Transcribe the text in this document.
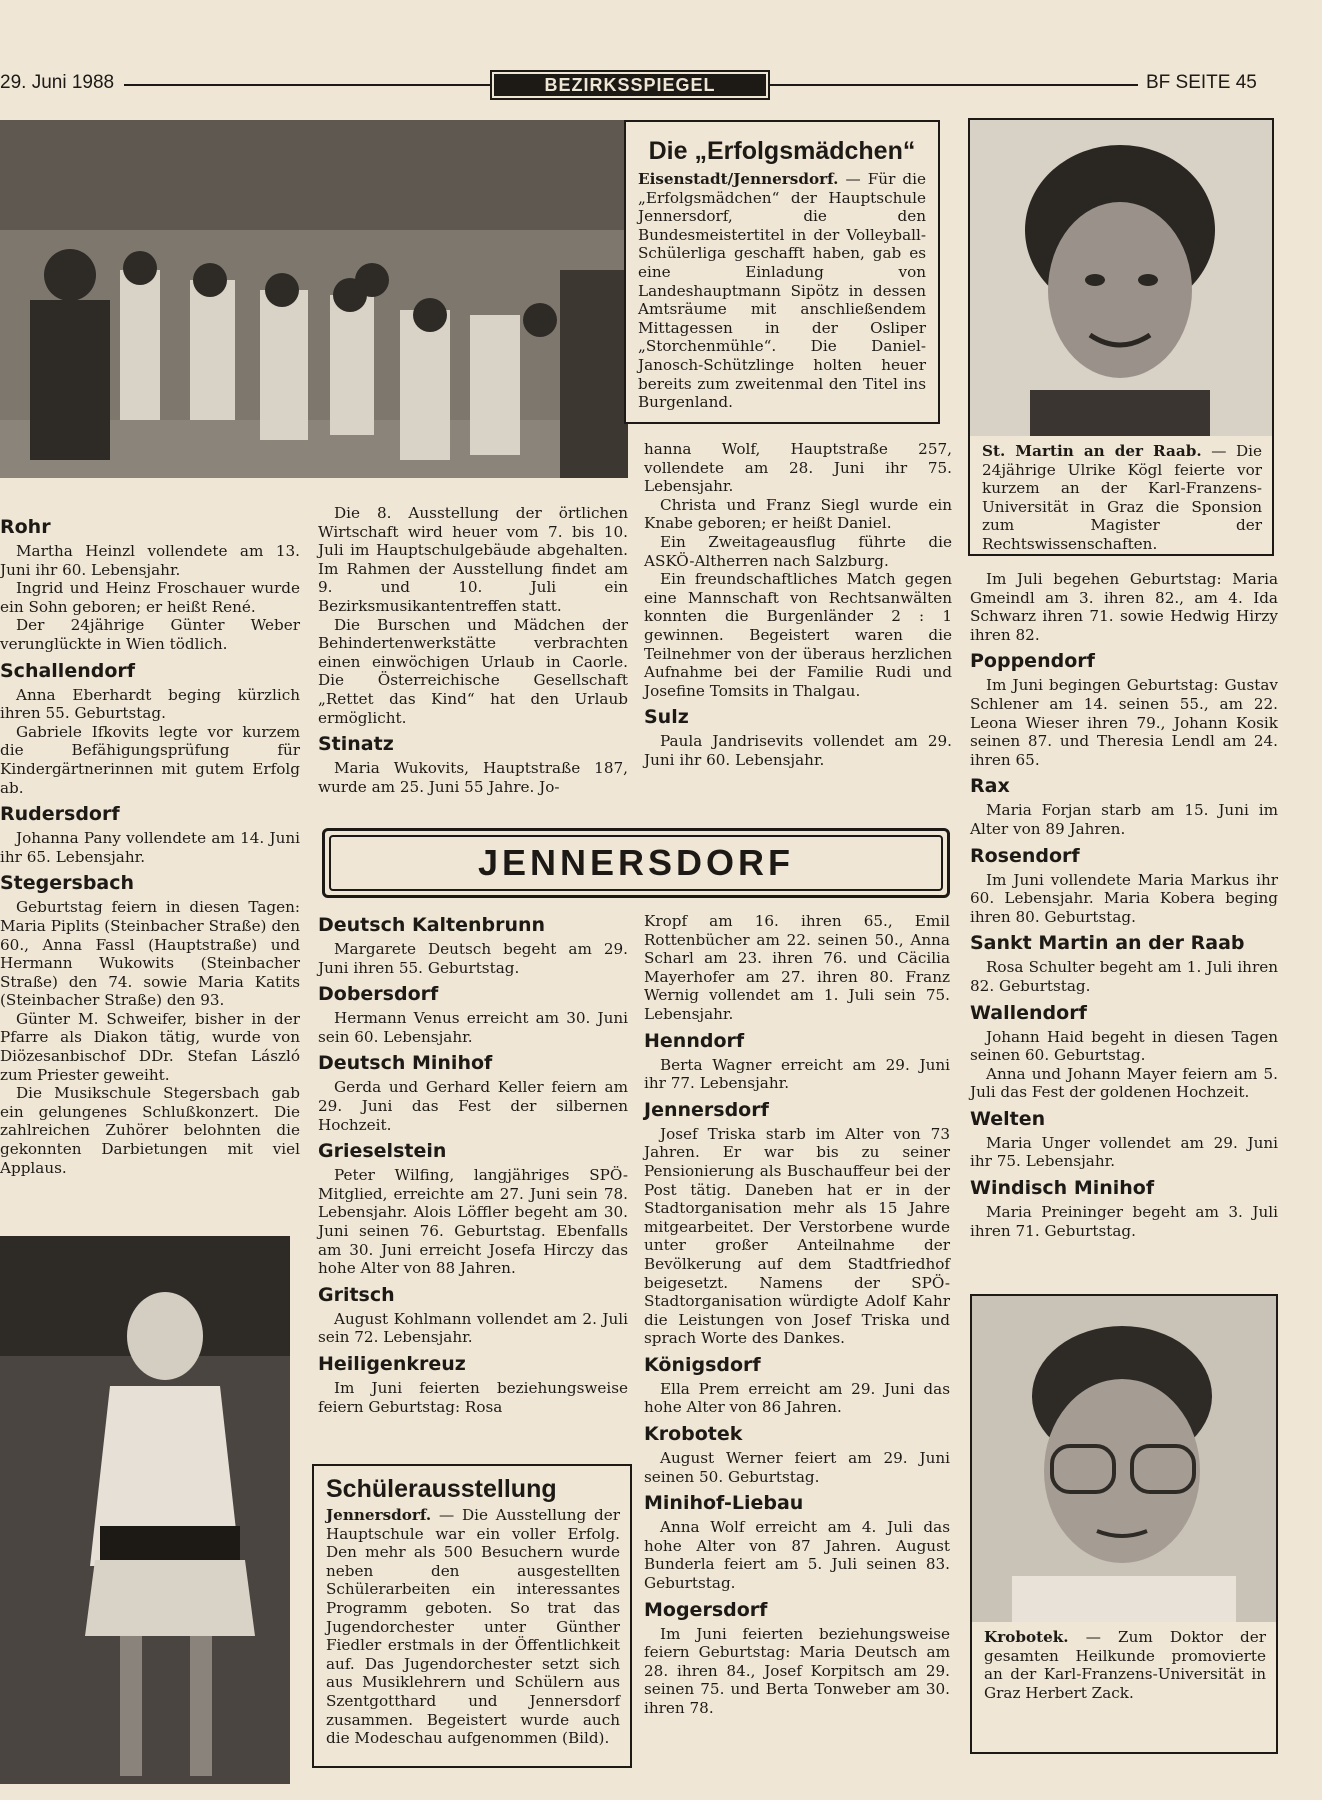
29. Juni 1988	BEZIRKSSPIEGEL	BF SEITE 45
Die „Erfolgsmädchen“
Eisenstadt/Jennersdorf. — Für die „Erfolgsmädchen“ der Hauptschule Jennersdorf, die den Bundesmeistertitel in der Volleyball-Schülerliga geschafft haben, gab es eine Einladung von Landeshauptmann Sipötz in dessen Amtsräume mit anschließendem Mittagessen in der Osliper „Storchenmühle“. Die Daniel-Janosch-Schützlinge holten heuer bereits zum zweitenmal den Titel ins Burgenland.
St. Martin an der Raab. — Die 24jährige Ulrike Kögl feierte vor kurzem an der Karl-Franzens-Universität in Graz die Sponsion zum Magister der Rechtswissenschaften.
Rohr

Martha Heinzl vollendete am 13. Juni ihr 60. Lebensjahr.

Ingrid und Heinz Froschauer wurde ein Sohn geboren; er heißt René.

Der 24jährige Günter Weber verunglückte in Wien tödlich.

Schallendorf

Anna Eberhardt beging kürzlich ihren 55. Geburtstag.

Gabriele Ifkovits legte vor kurzem die Befähigungsprüfung für Kindergärtnerinnen mit gutem Erfolg ab.

Rudersdorf

Johanna Pany vollendete am 14. Juni ihr 65. Lebensjahr.

Stegersbach

Geburtstag feiern in diesen Tagen: Maria Piplits (Steinbacher Straße) den 60., Anna Fassl (Hauptstraße) und Hermann Wukowits (Steinbacher Straße) den 74. sowie Maria Katits (Steinbacher Straße) den 93.

Günter M. Schweifer, bisher in der Pfarre als Diakon tätig, wurde von Diözesanbischof DDr. Stefan László zum Priester geweiht.

Die Musikschule Stegersbach gab ein gelungenes Schlußkonzert. Die zahlreichen Zuhörer belohnten die gekonnten Darbietungen mit viel Applaus.

Die 8. Ausstellung der örtlichen Wirtschaft wird heuer vom 7. bis 10. Juli im Hauptschulgebäude abgehalten. Im Rahmen der Ausstellung findet am 9. und 10. Juli ein Bezirksmusikantentreffen statt.

Die Burschen und Mädchen der Behindertenwerkstätte verbrachten einen einwöchigen Urlaub in Caorle. Die Österreichische Gesellschaft „Rettet das Kind“ hat den Urlaub ermöglicht.

Stinatz

Maria Wukovits, Hauptstraße 187, wurde am 25. Juni 55 Jahre. Jo-

hanna Wolf, Hauptstraße 257, vollendete am 28. Juni ihr 75. Lebensjahr.

Christa und Franz Siegl wurde ein Knabe geboren; er heißt Daniel.

Ein Zweitageausflug führte die ASKÖ-Altherren nach Salzburg.

Ein freundschaftliches Match gegen eine Mannschaft von Rechtsanwälten konnten die Burgenländer 2 : 1 gewinnen. Begeistert waren die Teilnehmer von der überaus herzlichen Aufnahme bei der Familie Rudi und Josefine Tomsits in Thalgau.

Sulz

Paula Jandrisevits vollendet am 29. Juni ihr 60. Lebensjahr.

Im Juli begehen Geburtstag: Maria Gmeindl am 3. ihren 82., am 4. Ida Schwarz ihren 71. sowie Hedwig Hirzy ihren 82.

Poppendorf

Im Juni begingen Geburtstag: Gustav Schlener am 14. seinen 55., am 22. Leona Wieser ihren 79., Johann Kosik seinen 87. und Theresia Lendl am 24. ihren 65.

Rax

Maria Forjan starb am 15. Juni im Alter von 89 Jahren.

Rosendorf

Im Juni vollendete Maria Markus ihr 60. Lebensjahr. Maria Kobera beging ihren 80. Geburtstag.

Sankt Martin an der Raab

Rosa Schulter begeht am 1. Juli ihren 82. Geburtstag.

Wallendorf

Johann Haid begeht in diesen Tagen seinen 60. Geburtstag.

Anna und Johann Mayer feiern am 5. Juli das Fest der goldenen Hochzeit.

Welten

Maria Unger vollendet am 29. Juni ihr 75. Lebensjahr.

Windisch Minihof

Maria Preininger begeht am 3. Juli ihren 71. Geburtstag.

JENNERSDORF
Deutsch Kaltenbrunn

Margarete Deutsch begeht am 29. Juni ihren 55. Geburtstag.

Dobersdorf

Hermann Venus erreicht am 30. Juni sein 60. Lebensjahr.

Deutsch Minihof

Gerda und Gerhard Keller feiern am 29. Juni das Fest der silbernen Hochzeit.

Grieselstein

Peter Wilfing, langjähriges SPÖ-Mitglied, erreichte am 27. Juni sein 78. Lebensjahr. Alois Löffler begeht am 30. Juni seinen 76. Geburtstag. Ebenfalls am 30. Juni erreicht Josefa Hirczy das hohe Alter von 88 Jahren.

Gritsch

August Kohlmann vollendet am 2. Juli sein 72. Lebensjahr.

Heiligenkreuz

Im Juni feierten beziehungsweise feiern Geburtstag: Rosa

Schülerausstellung
Jennersdorf. — Die Ausstellung der Hauptschule war ein voller Erfolg. Den mehr als 500 Besuchern wurde neben den ausgestellten Schülerarbeiten ein interessantes Programm geboten. So trat das Jugendorchester unter Günther Fiedler erstmals in der Öffentlichkeit auf. Das Jugendorchester setzt sich aus Musiklehrern und Schülern aus Szentgotthard und Jennersdorf zusammen. Begeistert wurde auch die Modeschau aufgenommen (Bild).

Kropf am 16. ihren 65., Emil Rottenbücher am 22. seinen 50., Anna Scharl am 23. ihren 76. und Cäcilia Mayerhofer am 27. ihren 80. Franz Wernig vollendet am 1. Juli sein 75. Lebensjahr.

Henndorf

Berta Wagner erreicht am 29. Juni ihr 77. Lebensjahr.

Jennersdorf

Josef Triska starb im Alter von 73 Jahren. Er war bis zu seiner Pensionierung als Buschauffeur bei der Post tätig. Daneben hat er in der Stadtorganisation mehr als 15 Jahre mitgearbeitet. Der Verstorbene wurde unter großer Anteilnahme der Bevölkerung auf dem Stadtfriedhof beigesetzt. Namens der SPÖ-Stadtorganisation würdigte Adolf Kahr die Leistungen von Josef Triska und sprach Worte des Dankes.

Königsdorf

Ella Prem erreicht am 29. Juni das hohe Alter von 86 Jahren.

Krobotek

August Werner feiert am 29. Juni seinen 50. Geburtstag.

Minihof-Liebau

Anna Wolf erreicht am 4. Juli das hohe Alter von 87 Jahren. August Bunderla feiert am 5. Juli seinen 83. Geburtstag.

Mogersdorf

Im Juni feierten beziehungsweise feiern Geburtstag: Maria Deutsch am 28. ihren 84., Josef Korpitsch am 29. seinen 75. und Berta Tonweber am 30. ihren 78.

Krobotek. — Zum Doktor der gesamten Heilkunde promovierte an der Karl-Franzens-Universität in Graz Herbert Zack.
